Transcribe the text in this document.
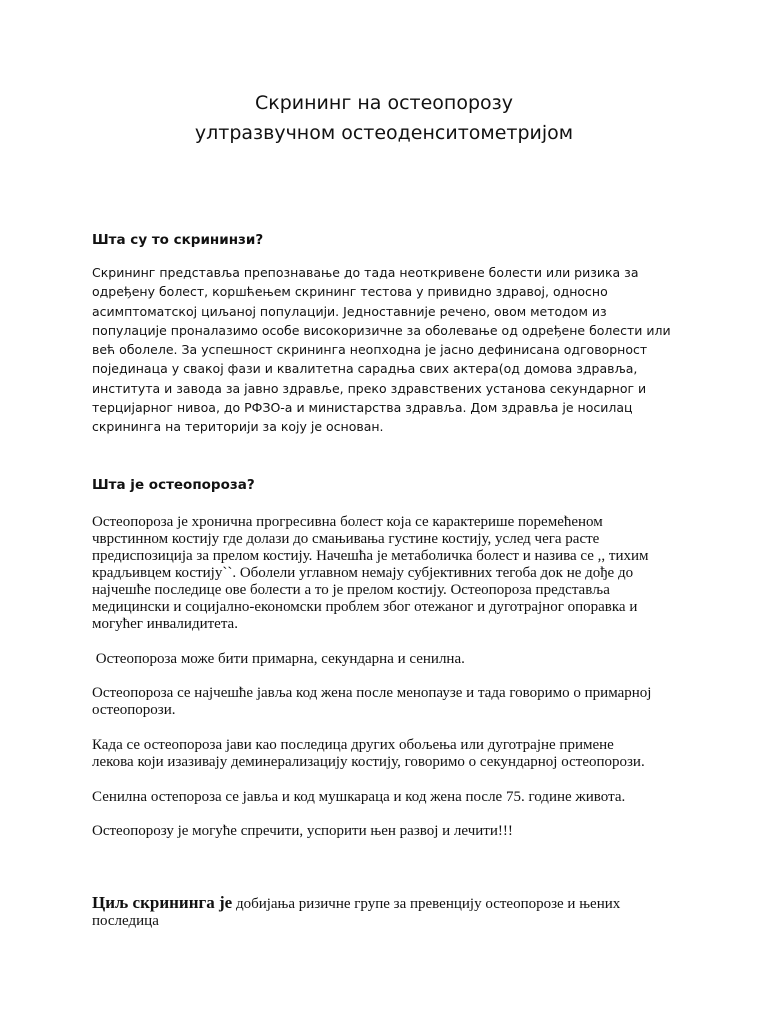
Скрининг на остеопорозу
ултразвучном остеоденситометријом
Шта су то скрининзи?
Скрининг представља препознавање до тада неоткривене болести или ризика за
одређену болест, коршћењем скрининг тестова у привидно здравој, односно
асимптоматској циљаној популацији. Једноставније речено, овом методом из
популације проналазимо особе високоризичне за оболевање од одређене болести или
већ оболеле. За успешност скрининга неопходна је јасно дефинисана одговорност
појединаца у свакој фази и квалитетна сарадња свих актера(од домова здравља,
института и завода за јавно здравље, преко здравствених установа секундарног и
терцијарног нивоа, до РФЗО-а и министарства здравља. Дом здравља је носилац
скрининга на територији за коју је основан.
Шта је остеопороза?
Остеопороза је хронична прогресивна болест која се карактерише поремећеном
чврстинном костију где долази до смањивања густине костију, услед чега расте
предиспозиција за прелом костију. Начешћа је метаболичка болест и назива се ,, тихим
крадљивцем костију``. Оболели углавном немају субјективних тегоба док не дође до
најчешће последице ове болести а то је прелом костију. Остеопороза представља
медицински и социјално-економски проблем због отежаног и дуготрајног опоравка и
могућег инвалидитета.
Остеопороза може бити примарна, секундарна и сенилна.
Остеопороза се најчешће јавља код жена после менопаузе и тада говоримо о примарној
остеопорози.
Када се остеопороза јави као последица других обољења или дуготрајне примене
лекова који изазивају деминерализацију костију, говоримо о секундарној остеопорози.
Сенилна остепороза се јавља и код мушкараца и код жена после 75. године живота.
Остеопорозу је могуће спречити, успорити њен развој и лечити!!!
Циљ скрининга је добијања ризичне групе за превенцију остеопорозе и њених
последица
